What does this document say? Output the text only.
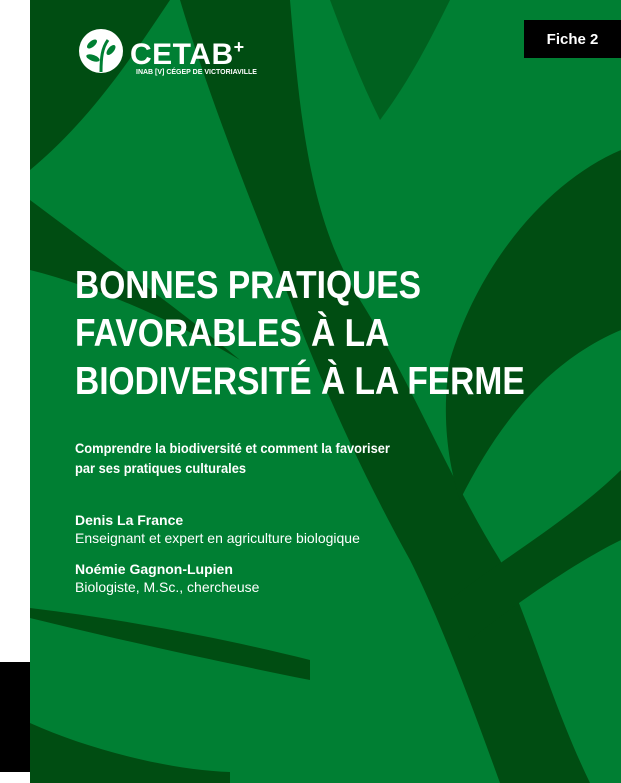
CETAB+
INAB [V] CÉGEP DE VICTORIAVILLE
Fiche 2
BONNES PRATIQUES
FAVORABLES À LA
BIODIVERSITÉ À LA FERME
Comprendre la biodiversité et comment la favoriser
par ses pratiques culturales
Denis La France
Enseignant et expert en agriculture biologique
Noémie Gagnon-Lupien
Biologiste, M.Sc., chercheuse
